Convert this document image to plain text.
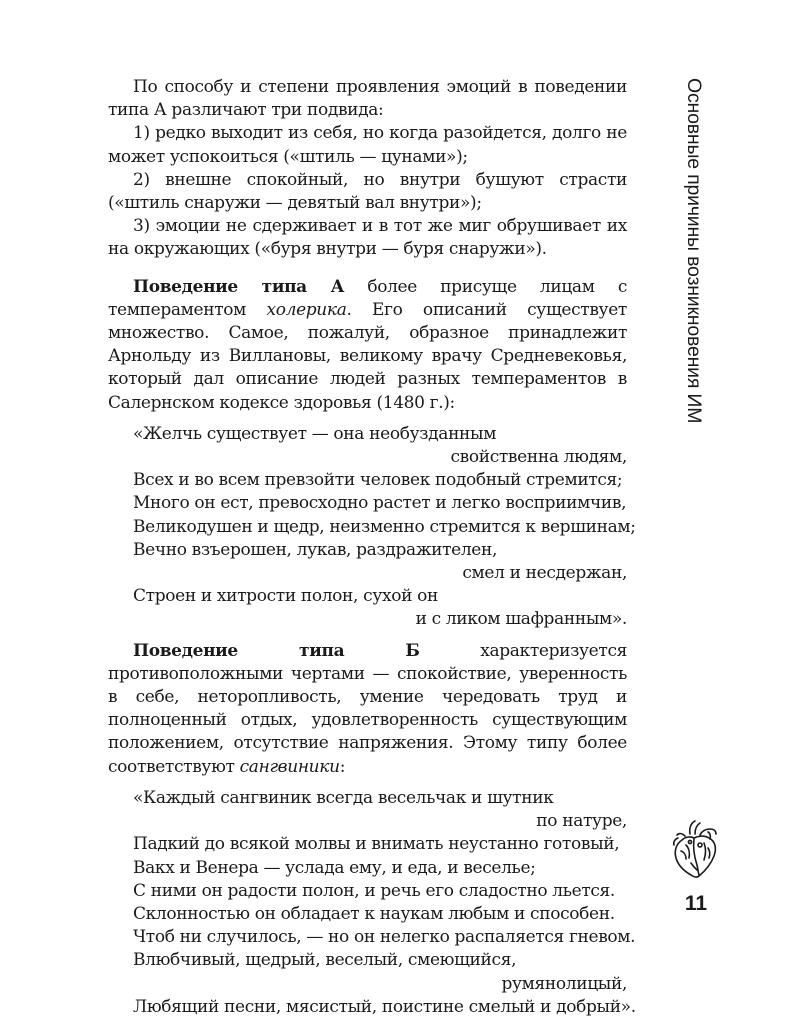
По способу и степени проявления эмоций в поведении типа А различают три подвида:

1) редко выходит из себя, но когда разойдется, долго не может успокоиться («штиль — цунами»);

2) внешне спокойный, но внутри бушуют страсти («штиль снаружи — девятый вал внутри»);

3) эмоции не сдерживает и в тот же миг обрушивает их на окружающих («буря внутри — буря снаружи»).

Поведение типа А более присуще лицам с темпераментом холерика. Его описаний существует множество. Самое, пожалуй, образное принадлежит Арнольду из Виллановы, великому врачу Средневековья, который дал описание людей разных темпераментов в Салернском кодексе здоровья (1480 г.):

«Желчь существует — она необузданным
свойственна людям,
Всех и во всем превзойти человек подобный стремится;
Много он ест, превосходно растет и легко восприимчив,
Великодушен и щедр, неизменно стремится к вершинам;
Вечно взъерошен, лукав, раздражителен,
смел и несдержан,
Строен и хитрости полон, сухой он
и с ликом шафранным».

Поведение типа Б характеризуется противоположными чертами — спокойствие, уверенность в себе, неторопливость, умение чередовать труд и полноценный отдых, удовлетворенность существующим положением, отсутствие напряжения. Этому типу более соответствуют сангвиники:

«Каждый сангвиник всегда весельчак и шутник
по натуре,
Падкий до всякой молвы и внимать неустанно готовый,
Вакх и Венера — услада ему, и еда, и веселье;
С ними он радости полон, и речь его сладостно льется.
Склонностью он обладает к наукам любым и способен.
Чтоб ни случилось, — но он нелегко распаляется гневом.
Влюбчивый, щедрый, веселый, смеющийся,
румянолицый,
Любящий песни, мясистый, поистине смелый и добрый».
Основные причины возникновения ИМ
11
